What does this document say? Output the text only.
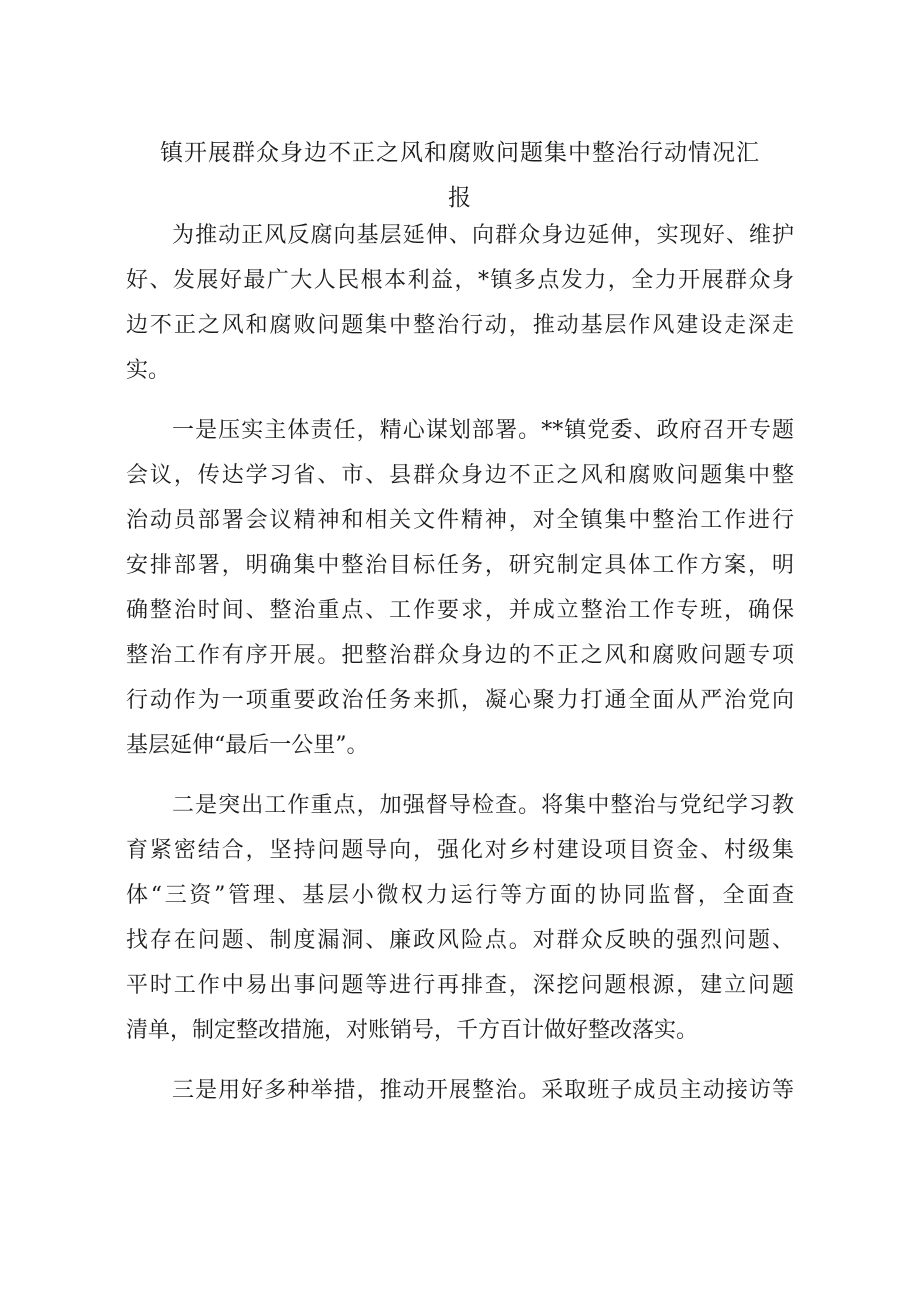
镇开展群众身边不正之风和腐败问题集中整治行动情况汇
报

为推动正风反腐向基层延伸、向群众身边延伸，实现好、维护

好、发展好最广大人民根本利益，*镇多点发力，全力开展群众身

边不正之风和腐败问题集中整治行动，推动基层作风建设走深走

实。

一是压实主体责任，精心谋划部署。**镇党委、政府召开专题

会议，传达学习省、市、县群众身边不正之风和腐败问题集中整

治动员部署会议精神和相关文件精神，对全镇集中整治工作进行

安排部署，明确集中整治目标任务，研究制定具体工作方案，明

确整治时间、整治重点、工作要求，并成立整治工作专班，确保

整治工作有序开展。把整治群众身边的不正之风和腐败问题专项

行动作为一项重要政治任务来抓，凝心聚力打通全面从严治党向

基层延伸“最后一公里”。

二是突出工作重点，加强督导检查。将集中整治与党纪学习教

育紧密结合，坚持问题导向，强化对乡村建设项目资金、村级集

体“三资”管理、基层小微权力运行等方面的协同监督，全面查

找存在问题、制度漏洞、廉政风险点。对群众反映的强烈问题、

平时工作中易出事问题等进行再排查，深挖问题根源，建立问题

清单，制定整改措施，对账销号，千方百计做好整改落实。

三是用好多种举措，推动开展整治。采取班子成员主动接访等
